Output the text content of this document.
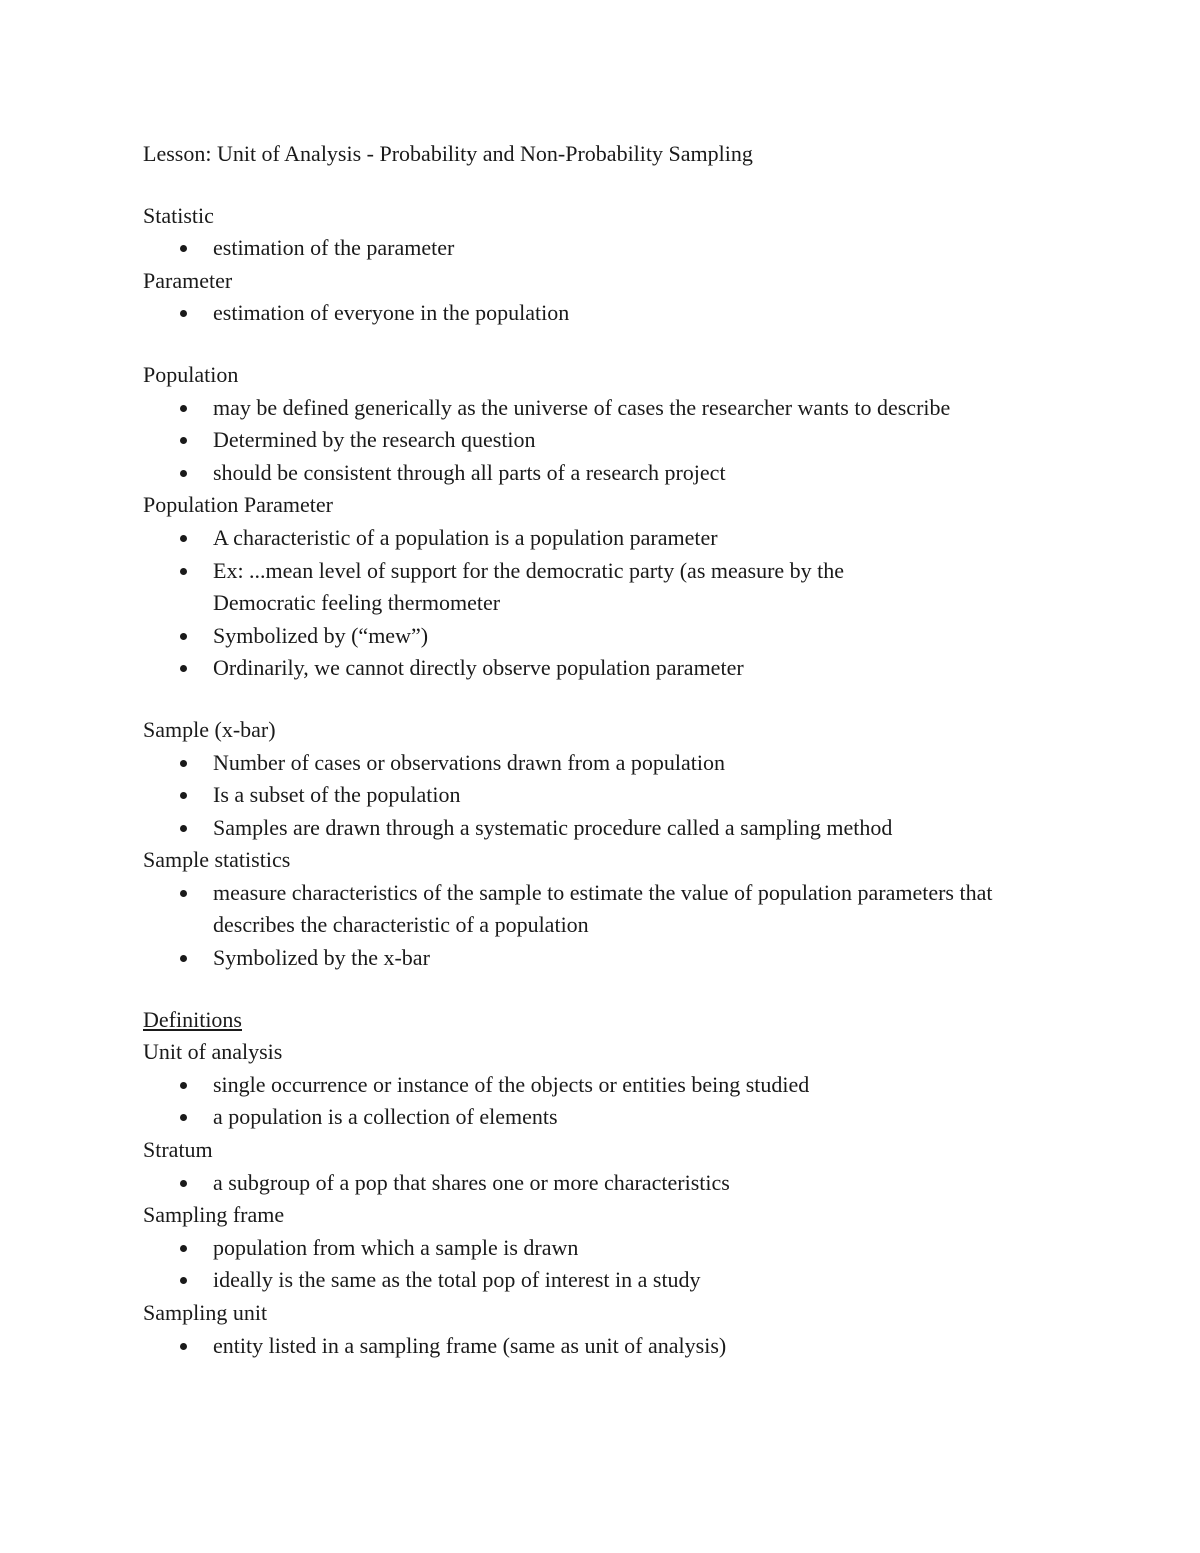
Lesson: Unit of Analysis - Probability and Non-Probability Sampling

Statistic

estimation of the parameter

Parameter

estimation of everyone in the population

Population

may be defined generically as the universe of cases the researcher wants to describe
Determined by the research question
should be consistent through all parts of a research project

Population Parameter

A characteristic of a population is a population parameter
Ex: ...mean level of support for the democratic party (as measure by the Democratic feeling thermometer
Symbolized by (“mew”)
Ordinarily, we cannot directly observe population parameter

Sample (x-bar)

Number of cases or observations drawn from a population
Is a subset of the population
Samples are drawn through a systematic procedure called a sampling method

Sample statistics

measure characteristics of the sample to estimate the value of population parameters that describes the characteristic of a population
Symbolized by the x-bar

Definitions

Unit of analysis

single occurrence or instance of the objects or entities being studied
a population is a collection of elements

Stratum

a subgroup of a pop that shares one or more characteristics

Sampling frame

population from which a sample is drawn
ideally is the same as the total pop of interest in a study

Sampling unit

entity listed in a sampling frame (same as unit of analysis)
